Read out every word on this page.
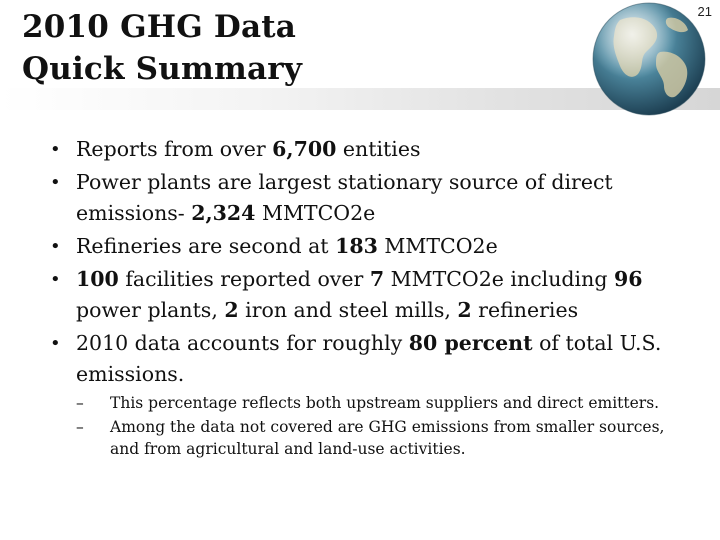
2010 GHG Data
Quick Summary
21
• Reports from over 6,700 entities
• Power plants are largest stationary source of direct emissions- 2,324 MMTCO2e
• Refineries are second at 183 MMTCO2e
• 100 facilities reported over 7 MMTCO2e including 96 power plants, 2 iron and steel mills, 2 refineries
• 2010 data accounts for roughly 80 percent of total U.S. emissions.
– This percentage reflects both upstream suppliers and direct emitters.
– Among the data not covered are GHG emissions from smaller sources, and from agricultural and land-use activities.
